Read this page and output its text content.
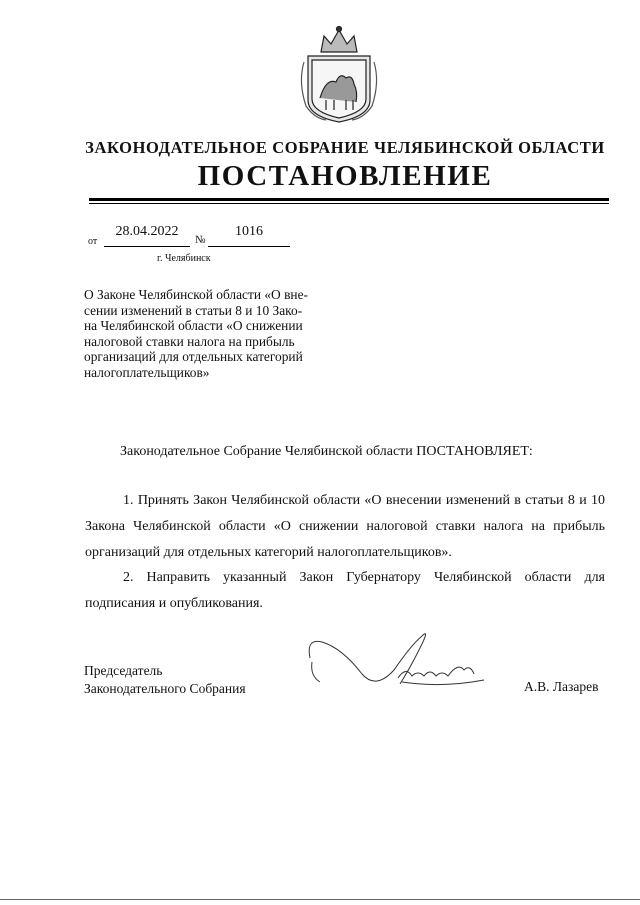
ЗАКОНОДАТЕЛЬНОЕ СОБРАНИЕ ЧЕЛЯБИНСКОЙ ОБЛАСТИ
ПОСТАНОВЛЕНИЕ
от
28.04.2022
№
1016
г. Челябинск
О Законе Челябинской области «О вне-
сении изменений в статьи 8 и 10 Зако-
на Челябинской области «О снижении
налоговой ставки налога на прибыль
организаций для отдельных категорий
налогоплательщиков»
Законодательное Собрание Челябинской области ПОСТАНОВЛЯЕТ:
1. Принять Закон Челябинской области «О внесении изменений в статьи 8 и 10 Закона Челябинской области «О снижении налоговой ставки налога на прибыль организаций для отдельных категорий налогоплательщиков».
2. Направить указанный Закон Губернатору Челябинской области для подписания и опубликования.
Председатель
Законодательного Собрания	А.В. Лазарев
